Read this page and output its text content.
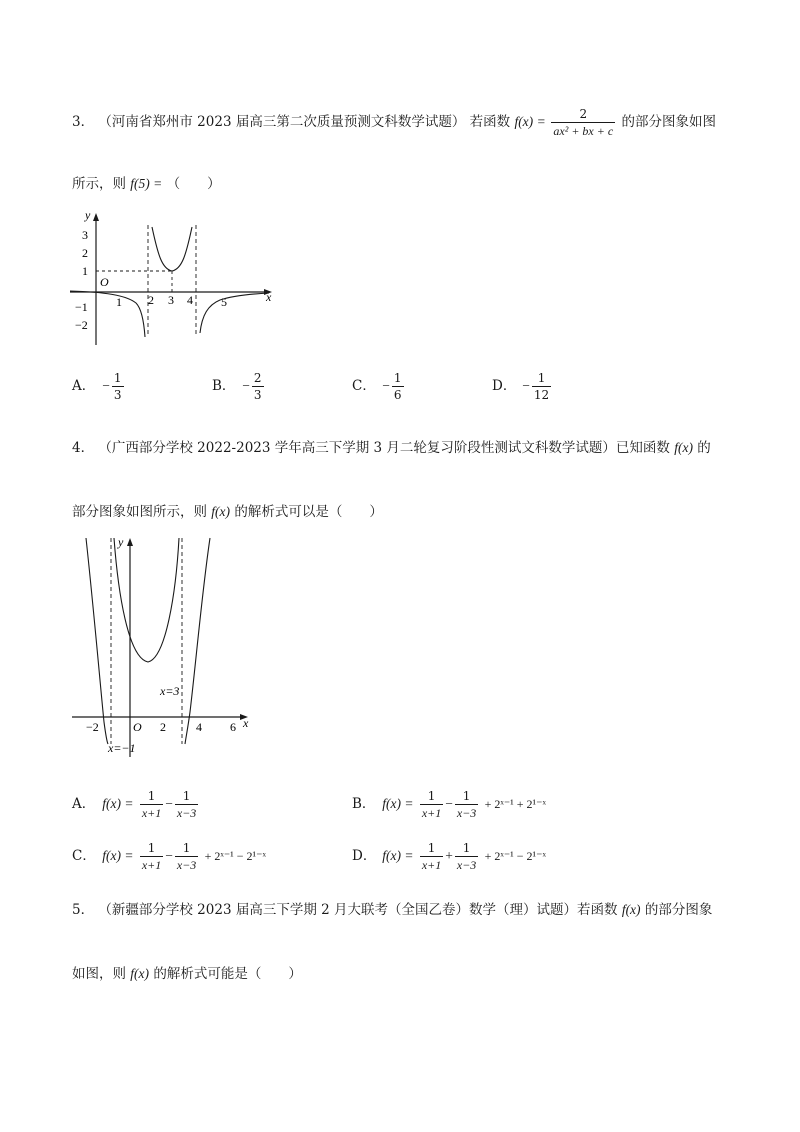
3． （河南省郑州市 2023 届高三第二次质量预测文科数学试题） 若函数 $f(x) = \frac{2}{\text{ax² + bx + c}}$ 的部分图象如图
所示，则 f(5) = （　　）
y
x
O
3
2
1
−1
−2
1 2 3 4 5
A． − $\frac{1}{3}$	B． − $\frac{2}{3}$	C． − $\frac{1}{6}$	D． − $\frac{1}{12}$
4． （广西部分学校 2022-2023 学年高三下学期 3 月二轮复习阶段性测试文科数学试题）已知函数 f(x) 的
部分图象如图所示，则 f(x) 的解析式可以是（　　）
y
x
O
−2	2	4 6
x=3
x=−1
A． $f(x) = \frac{1}{x+1} - \frac{1}{x-3}$	B． $f(x) = \frac{1}{x+1} - \frac{1}{x-3}$ + 2ˣ⁻¹ + 2¹⁻ˣ
C． $f(x) = \frac{1}{x+1} - \frac{1}{x-3}$ + 2ˣ⁻¹ − 2¹⁻ˣ	D． $f(x) = \frac{1}{x+1} + \frac{1}{x-3}$ + 2ˣ⁻¹ − 2¹⁻ˣ
5． （新疆部分学校 2023 届高三下学期 2 月大联考（全国乙卷）数学（理）试题）若函数 f(x) 的部分图象
如图，则 f(x) 的解析式可能是（　　）
